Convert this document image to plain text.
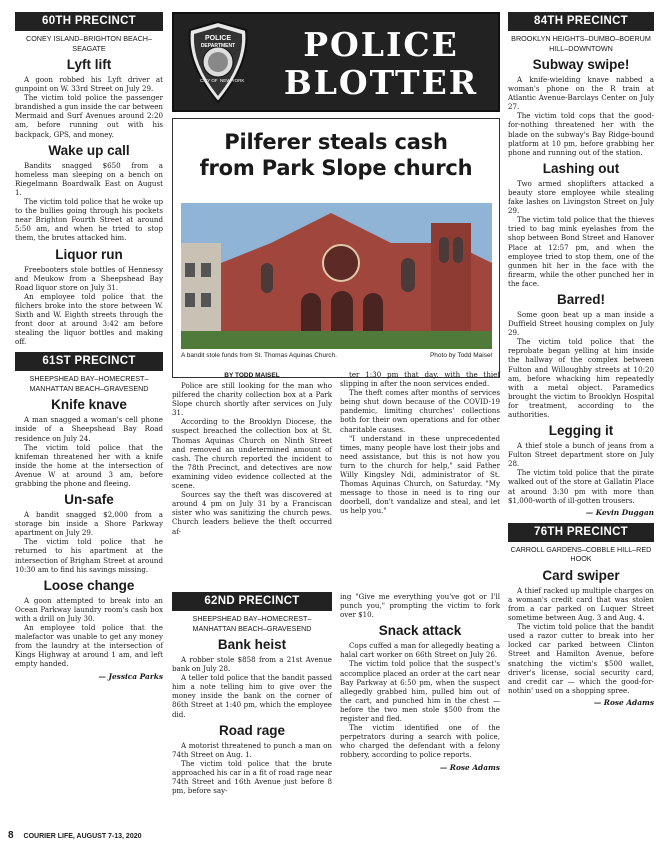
60TH PRECINCT
CONEY ISLAND–BRIGHTON BEACH–SEAGATE
Lyft lift

A goon robbed his Lyft driver at gunpoint on W. 33rd Street on July 29.

The victim told police the passenger brandished a gun inside the car between Mermaid and Surf Avenues around 2:20 am, before running out with his backpack, GPS, and money.

Wake up call

Bandits snagged $650 from a homeless man sleeping on a bench on Riegelmann Boardwalk East on August 1.

The victim told police that he woke up to the bullies going through his pockets near Brighton Fourth Street at around 5:50 am, and when he tried to stop them, the brutes attacked him.

Liquor run

Freebooters stole bottles of Hennessy and Meukow from a Sheepshead Bay Road liquor store on July 31.

An employee told police that the filchers broke into the store between W. Sixth and W. Eighth streets through the front door at around 3:42 am before stealing the liquor bottles and making off.

61ST PRECINCT
SHEEPSHEAD BAY–HOMECREST–MANHATTAN BEACH–GRAVESEND
Knife knave

A man snagged a woman's cell phone inside of a Sheepshead Bay Road residence on July 24.

The victim told police that the knifeman threatened her with a knife inside the home at the intersection of Avenue W at around 3 am, before grabbing the phone and fleeing.

Un-safe

A bandit snagged $2,000 from a storage bin inside a Shore Parkway apartment on July 29.

The victim told police that he returned to his apartment at the intersection of Brigham Street at around 10:30 am to find his savings missing.

Loose change

A goon attempted to break into an Ocean Parkway laundry room's cash box with a drill on July 30.

An employee told police that the malefactor was unable to get any money from the laundry at the intersection of Kings Highway at around 1 am, and left empty handed.

— Jessica Parks
POLICE
DEPARTMENT
CITY OF NEW YORK
POLICE
BLOTTER
Pilferer steals cash
from Park Slope church
A bandit stole funds from St. Thomas Aquinas Church.	Photo by Todd Maisel
BY TODD MAISEL

Police are still looking for the man who pilfered the charity collection box at a Park Slope church shortly after services on July 31.

According to the Brooklyn Diocese, the suspect breached the collection box at St. Thomas Aquinas Church on Ninth Street and removed an undetermined amount of cash. The church reported the incident to the 78th Precinct, and detectives are now examining video evidence collected at the scene.

Sources say the theft was discovered at around 4 pm on July 31 by a Franciscan sister who was sanitizing the church pews. Church leaders believe the theft occurred af-

ter 1:30 pm that day, with the thief slipping in after the noon services ended.

The theft comes after months of services being shut down because of the COVID-19 pandemic, limiting churches' collections both for their own operations and for other charitable causes.

"I understand in these unprecedented times, many people have lost their jobs and need assistance, but this is not how you turn to the church for help," said Father Willy Kingsley Ndi, administrator of St. Thomas Aquinas Church, on Saturday. "My message to those in need is to ring our doorbell, don't vandalize and steal, and let us help you."

62ND PRECINCT
SHEEPSHEAD BAY–HOMECREST–MANHATTAN BEACH–GRAVESEND
Bank heist

A robber stole $858 from a 21st Avenue bank on July 28.

A teller told police that the bandit passed him a note telling him to give over the money inside the bank on the corner of 86th Street at 1:40 pm, which the employee did.

Road rage

A motorist threatened to punch a man on 74th Street on Aug. 1.

The victim told police that the brute approached his car in a fit of road rage near 74th Street and 16th Avenue just before 8 pm, before say-

ing "Give me everything you've got or I'll punch you," prompting the victim to fork over $10.

Snack attack

Cops cuffed a man for allegedly beating a halal cart worker on 66th Street on July 26.

The victim told police that the suspect's accomplice placed an order at the cart near Bay Parkway at 6:50 pm, when the suspect allegedly grabbed him, pulled him out of the cart, and punched him in the chest — before the two men stole $500 from the register and fled.

The victim identified one of the perpetrators during a search with police, who charged the defendant with a felony robbery, according to police reports.

— Rose Adams
84TH PRECINCT
BROOKLYN HEIGHTS–DUMBO–BOERUM HILL–DOWNTOWN
Subway swipe!

A knife-wielding knave nabbed a woman's phone on the R train at Atlantic Avenue-Barclays Center on July 27.

The victim told cops that the good-for-nothing threatened her with the blade on the subway's Bay Ridge-bound platform at 10 pm, before grabbing her phone and running out of the station.

Lashing out

Two armed shoplifters attacked a beauty store employee while stealing fake lashes on Livingston Street on July 29.

The victim told police that the thieves tried to bag mink eyelashes from the shop between Bond Street and Hanover Place at 12:57 pm, and when the employee tried to stop them, one of the gunmen hit her in the face with the firearm, while the other punched her in the face.

Barred!

Some goon beat up a man inside a Duffield Street housing complex on July 29.

The victim told police that the reprobate began yelling at him inside the hallway of the complex between Fulton and Willoughby streets at 10:20 am, before whacking him repeatedly with a metal object. Paramedics brought the victim to Brooklyn Hospital for treatment, according to the authorities.

Legging it

A thief stole a bunch of jeans from a Fulton Street department store on July 28.

The victim told police that the pirate walked out of the store at Gallatin Place at around 3:30 pm with more than $1,000-worth of ill-gotten trousers.

— Kevin Duggan
76TH PRECINCT
CARROLL GARDENS–COBBLE HILL–RED HOOK
Card swiper

A thief racked up multiple charges on a woman's credit card that was stolen from a car parked on Luquer Street sometime between Aug. 3 and Aug. 4.

The victim told police that the bandit used a razor cutter to break into her locked car parked between Clinton Street and Hamilton Avenue, before snatching the victim's $500 wallet, driver's license, social security card, and credit car — which the good-for-nothin' used on a shopping spree.

— Rose Adams
8 COURIER LIFE, AUGUST 7-13, 2020
